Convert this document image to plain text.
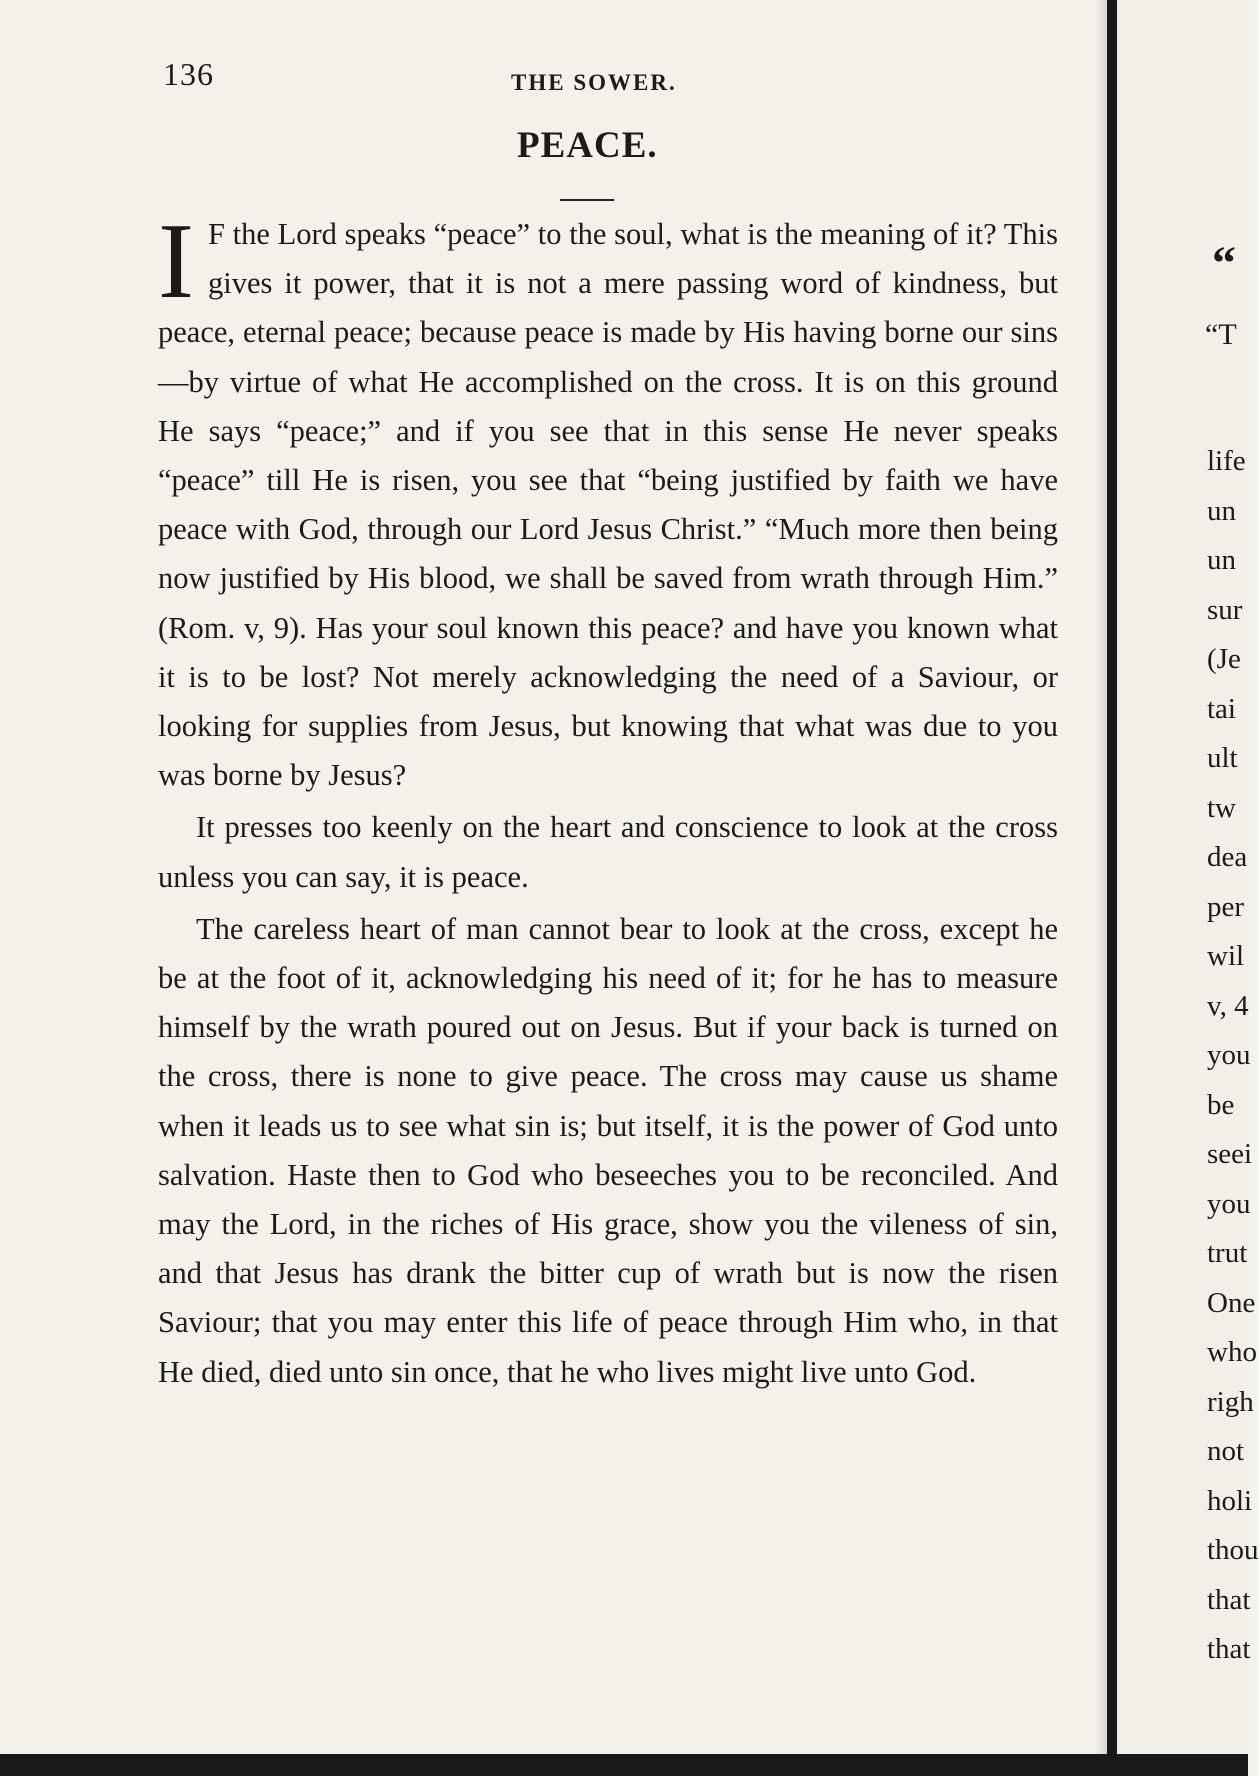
136	THE SOWER.
PEACE.

I F the Lord speaks “peace” to the soul, what is the meaning of it? This gives it power, that it is not a mere passing word of kindness, but peace, eternal peace; because peace is made by His having borne our sins—by virtue of what He accomplished on the cross. It is on this ground He says “peace;” and if you see that in this sense He never speaks “peace” till He is risen, you see that “being justified by faith we have peace with God, through our Lord Jesus Christ.” “Much more then being now justified by His blood, we shall be saved from wrath through Him.” (Rom. v, 9). Has your soul known this peace? and have you known what it is to be lost? Not merely acknowledging the need of a Saviour, or looking for supplies from Jesus, but knowing that what was due to you was borne by Jesus?

It presses too keenly on the heart and conscience to look at the cross unless you can say, it is peace.

The careless heart of man cannot bear to look at the cross, except he be at the foot of it, acknowledging his need of it; for he has to measure himself by the wrath poured out on Jesus. But if your back is turned on the cross, there is none to give peace. The cross may cause us shame when it leads us to see what sin is; but itself, it is the power of God unto salvation. Haste then to God who beseeches you to be reconciled. And may the Lord, in the riches of His grace, show you the vileness of sin, and that Jesus has drank the bitter cup of wrath but is now the risen Saviour; that you may enter this life of peace through Him who, in that He died, died unto sin once, that he who lives might live unto God.

“
“T
life
un
un
sur
(Je
tai
ult
tw
dea
per
wil
v, 4
you
be
seei
you
trut
One
who
righ
not
holi
thou
that
that
